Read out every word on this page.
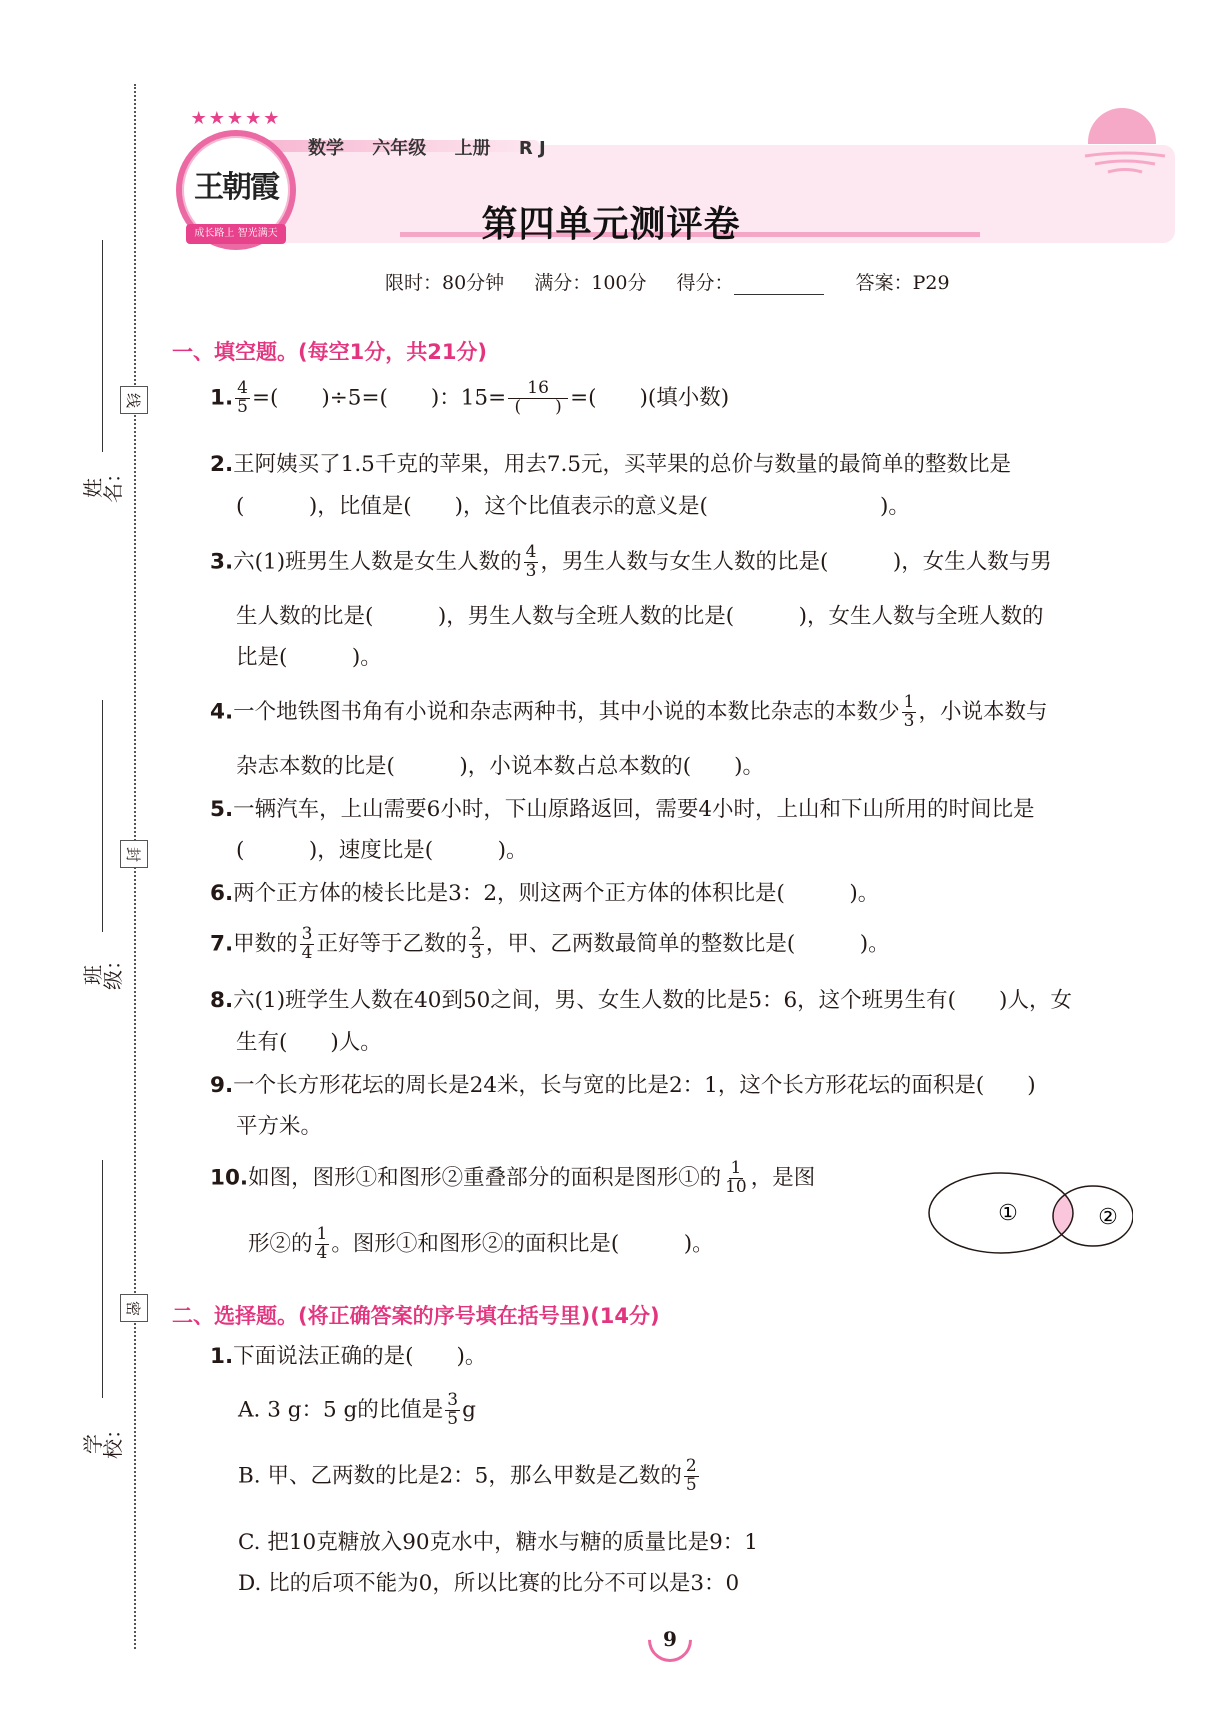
线
封
密
姓 名：
班 级：
学 校：
★★★★★
王朝霞
成长路上 智光满天
数学 六年级 上册 R J
第四单元测评卷
限时：80分钟 满分：100分 得分：	答案：P29
一、填空题。(每空1分，共21分)
1. $\frac{4}{5}$ =(　　)÷5=(　　)：$15= \frac{16}{( )}$ =(　　)(填小数)
2.王阿姨买了1.5千克的苹果，用去7.5元，买苹果的总价与数量的最简单的整数比是
(　　　)，比值是(　　)，这个比值表示的意义是(　　　　　　　　)。
3.六(1)班男生人数是女生人数的 $\frac{4}{3}$ ，男生人数与女生人数的比是(　　　)，女生人数与男
生人数的比是(　　　)，男生人数与全班人数的比是(　　　)，女生人数与全班人数的
比是(　　　)。
4.一个地铁图书角有小说和杂志两种书，其中小说的本数比杂志的本数少 $\frac{1}{3}$ ，小说本数与
杂志本数的比是(　　　)，小说本数占总本数的(　　)。
5.一辆汽车，上山需要6小时，下山原路返回，需要4小时，上山和下山所用的时间比是
(　　　)，速度比是(　　　)。
6.两个正方体的棱长比是3：2，则这两个正方体的体积比是(　　　)。
7.甲数的 $\frac{3}{4}$ 正好等于乙数的 $\frac{2}{3}$ ，甲、乙两数最简单的整数比是(　　　)。
8.六(1)班学生人数在40到50之间，男、女生人数的比是5：6，这个班男生有(　　)人，女
生有(　　)人。
9.一个长方形花坛的周长是24米，长与宽的比是2：1，这个长方形花坛的面积是(　　)
平方米。
10.如图，图形①和图形②重叠部分的面积是图形①的 $\frac{1}{10}$ ，是图
形②的 $\frac{1}{4}$ 。图形①和图形②的面积比是(　　　)。
①	②
二、选择题。(将正确答案的序号填在括号里)(14分)
1.下面说法正确的是(　　)。
A. 3 g：5 g的比值是 $\frac{3}{5}$ g
B. 甲、乙两数的比是2：5，那么甲数是乙数的 $\frac{2}{5}$
C. 把10克糖放入90克水中，糖水与糖的质量比是9：1
D. 比的后项不能为0，所以比赛的比分不可以是3：0
9
